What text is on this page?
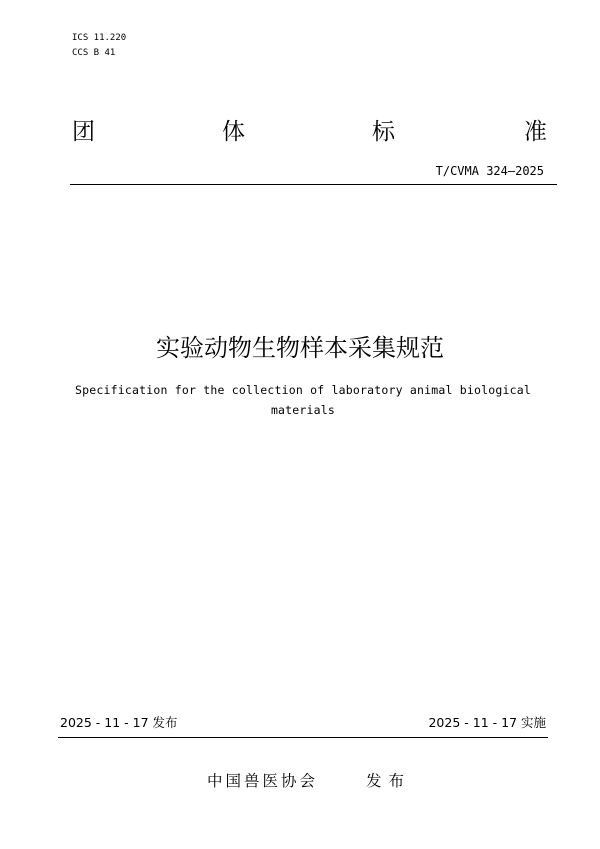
ICS 11.220
CCS B 41
团	体	标	准
T/CVMA 324—2025
实验动物生物样本采集规范
Specification for the collection of laboratory animal biological materials
2025 - 11 - 17 发布	2025 - 11 - 17 实施
中国兽医协会	发布
